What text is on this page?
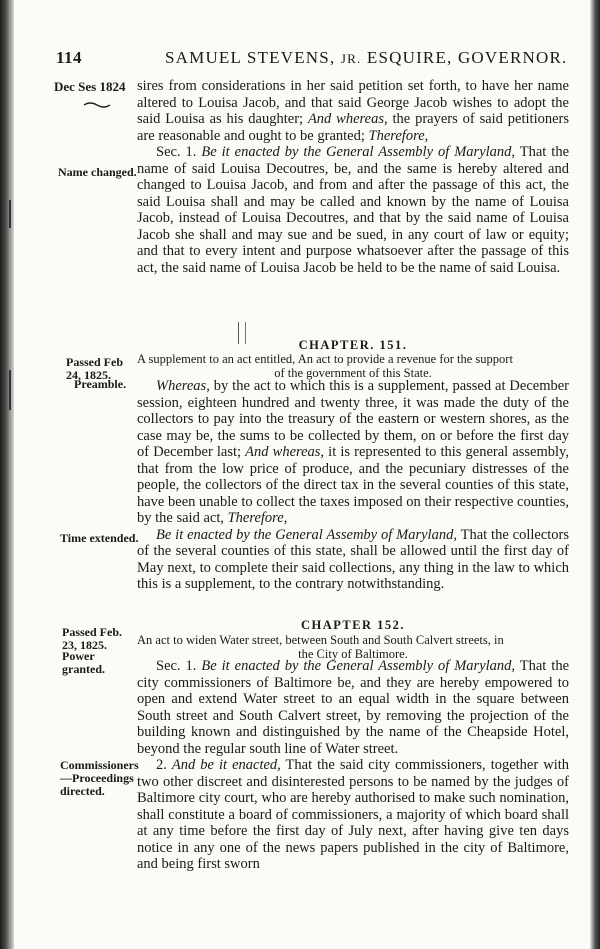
114	SAMUEL STEVENS, JR. ESQUIRE, GOVERNOR.
Dec Ses 1824
Name changed.
Passed Feb 24, 1825.
Preamble.
Time extended.
Passed Feb. 23, 1825.
Power granted.
Commissioners—Proceedings directed.

sires from considerations in her said petition set forth, to have her name altered to Louisa Jacob, and that said George Jacob wishes to adopt the said Louisa as his daughter; And whereas, the prayers of said petitioners are reasonable and ought to be granted; Therefore,

Sec. 1. Be it enacted by the General Assembly of Maryland, That the name of said Louisa Decoutres, be, and the same is hereby altered and changed to Louisa Jacob, and from and after the passage of this act, the said Louisa shall and may be called and known by the name of Louisa Jacob, instead of Louisa Decoutres, and that by the said name of Louisa Jacob she shall and may sue and be sued, in any court of law or equity; and that to every intent and purpose whatsoever after the passage of this act, the said name of Louisa Jacob be held to be the name of said Louisa.

CHAPTER. 151.
A supplement to an act entitled, An act to provide a revenue for the support
of the government of this State.

Whereas, by the act to which this is a supplement, passed at December session, eighteen hundred and twenty three, it was made the duty of the collectors to pay into the treasury of the eastern or western shores, as the case may be, the sums to be collected by them, on or before the first day of December last; And whereas, it is represented to this general assembly, that from the low price of produce, and the pecuniary distresses of the people, the collectors of the direct tax in the several counties of this state, have been unable to collect the taxes imposed on their respective counties, by the said act, Therefore,

Be it enacted by the General Assemby of Maryland, That the collectors of the several counties of this state, shall be allowed until the first day of May next, to complete their said collections, any thing in the law to which this is a supplement, to the contrary notwithstanding.

CHAPTER 152.
An act to widen Water street, between South and South Calvert streets, in
the City of Baltimore.

Sec. 1. Be it enacted by the General Assembly of Maryland, That the city commissioners of Baltimore be, and they are hereby empowered to open and extend Water street to an equal width in the square between South street and South Calvert street, by removing the projection of the building known and distinguished by the name of the Cheapside Hotel, beyond the regular south line of Water street.

2. And be it enacted, That the said city commissioners, together with two other discreet and disinterested persons to be named by the judges of Baltimore city court, who are hereby authorised to make such nomination, shall constitute a board of commissioners, a majority of which board shall at any time before the first day of July next, after having give ten days notice in any one of the news papers published in the city of Baltimore, and being first sworn
